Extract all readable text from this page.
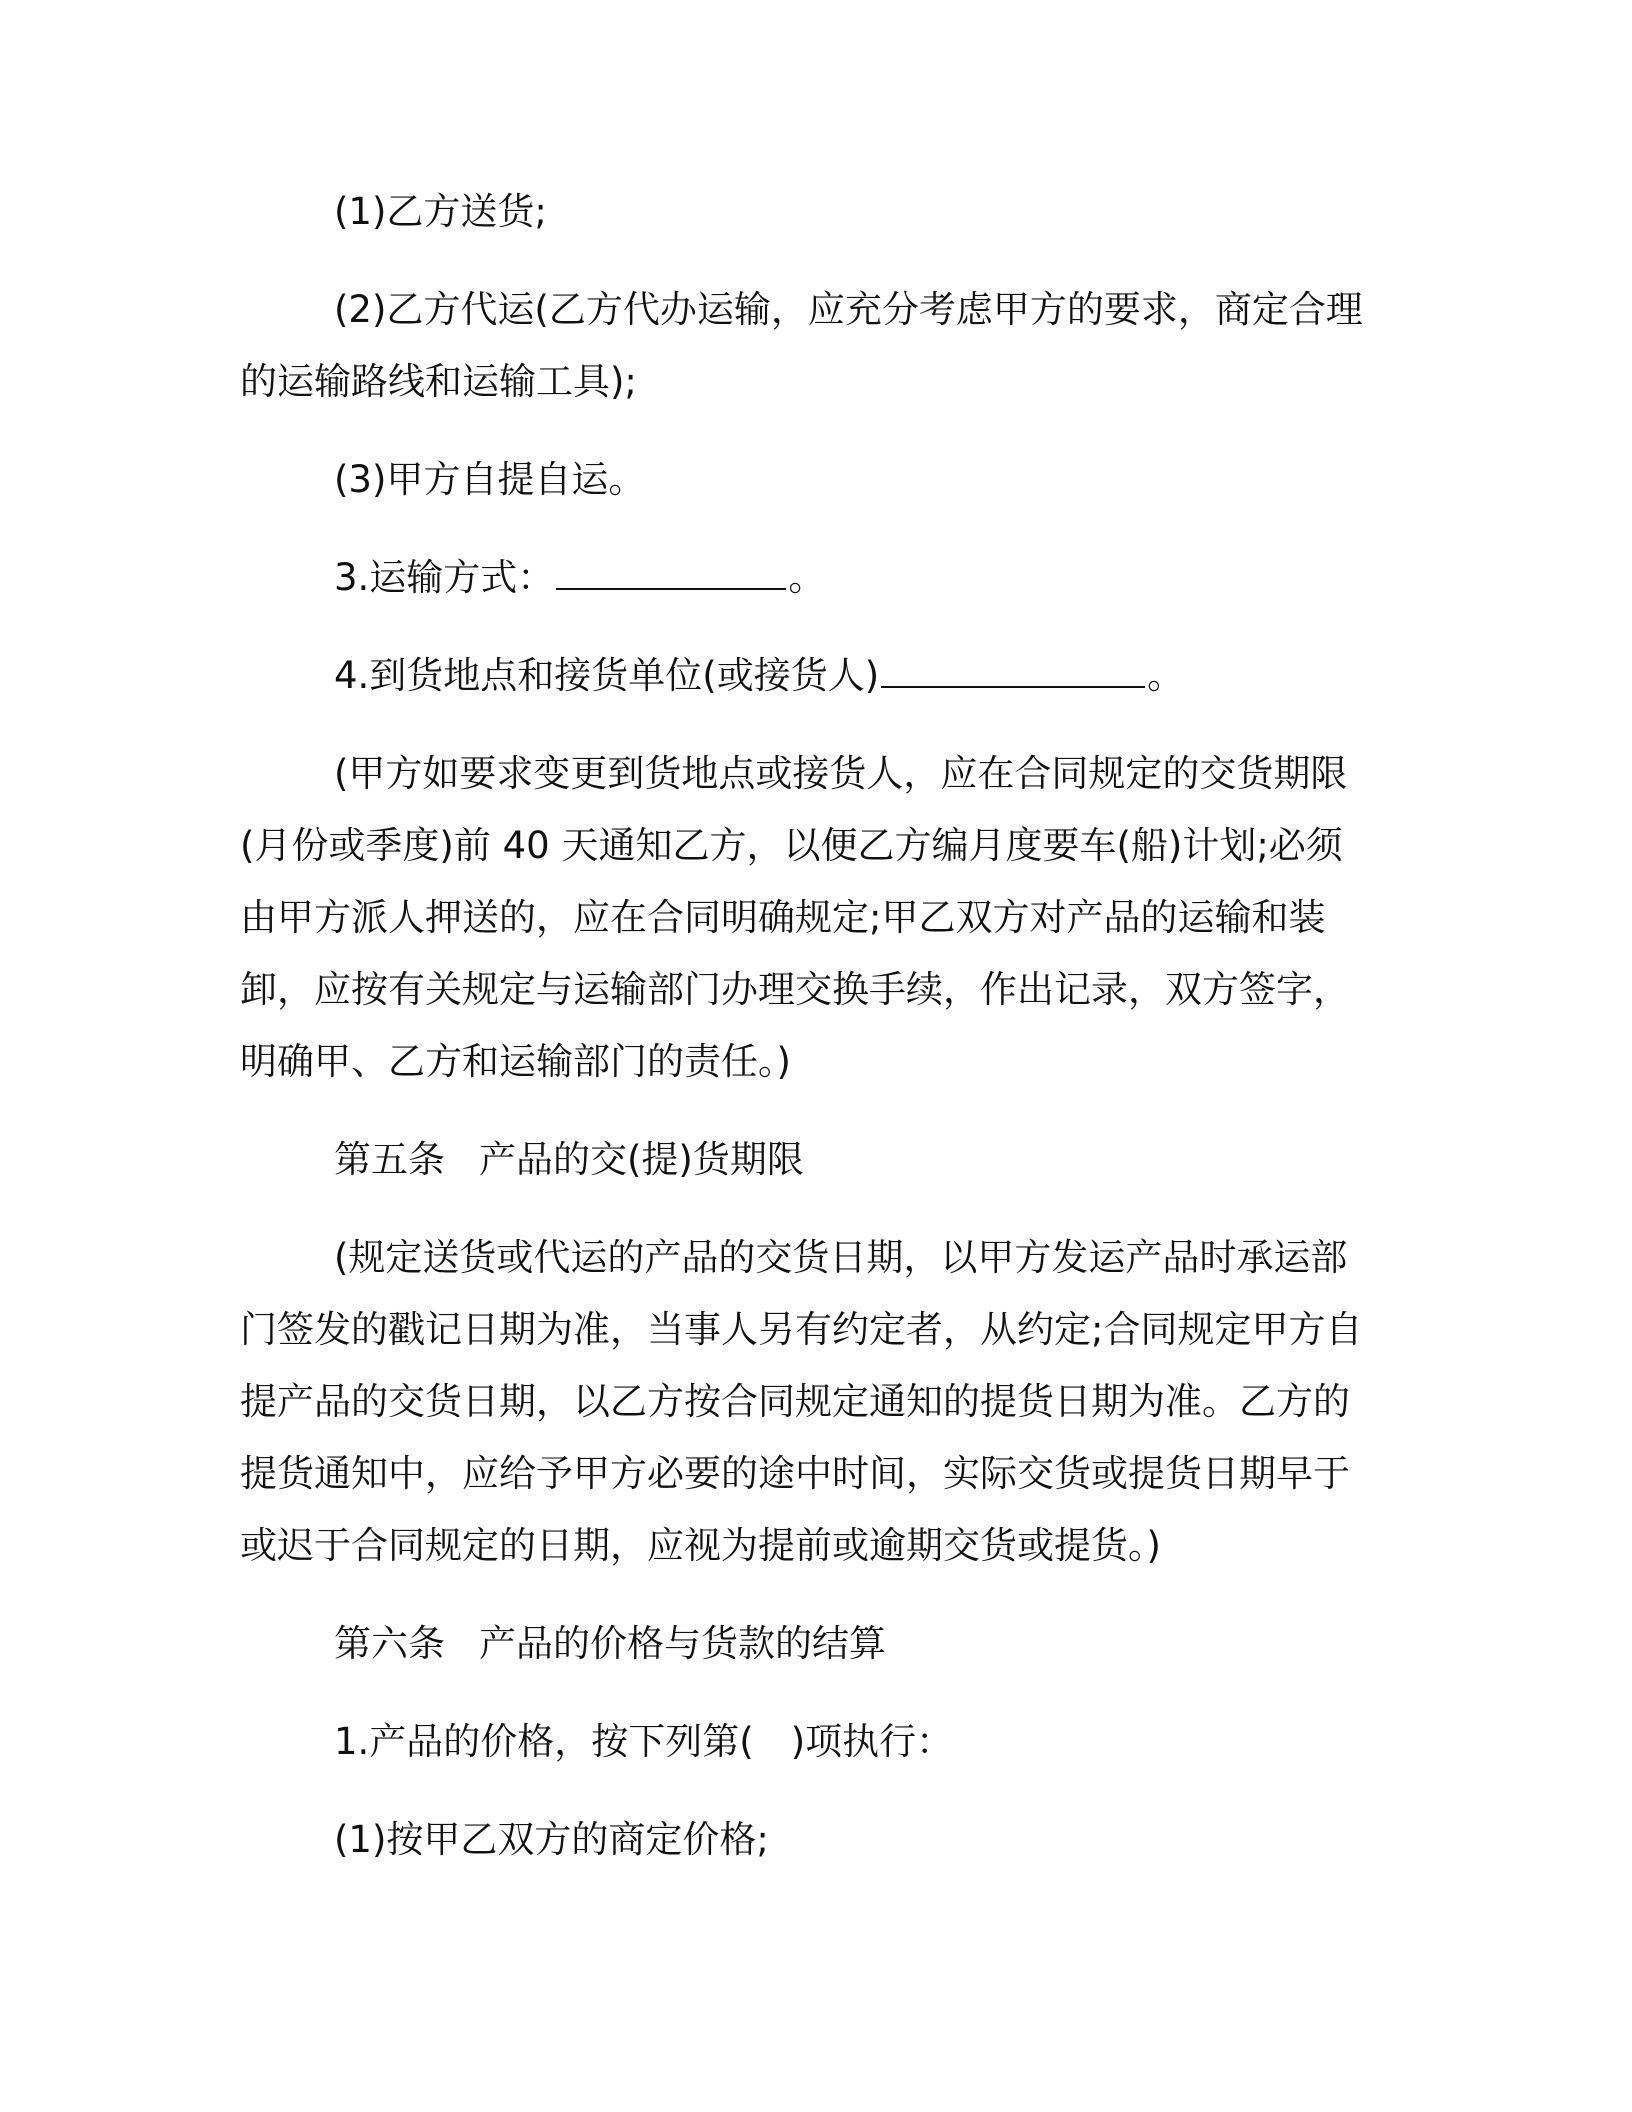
(1)乙方送货;

(2)乙方代运(乙方代办运输，应充分考虑甲方的要求，商定合理的运输路线和运输工具);

(3)甲方自提自运。

3.运输方式：	。

4.到货地点和接货单位(或接货人)	。

(甲方如要求变更到货地点或接货人，应在合同规定的交货期限(月份或季度)前 40 天通知乙方，以便乙方编月度要车(船)计划;必须由甲方派人押送的，应在合同明确规定;甲乙双方对产品的运输和装卸，应按有关规定与运输部门办理交换手续，作出记录，双方签字，明确甲、乙方和运输部门的责任。)

第五条 产品的交(提)货期限

(规定送货或代运的产品的交货日期，以甲方发运产品时承运部门签发的戳记日期为准，当事人另有约定者，从约定;合同规定甲方自提产品的交货日期，以乙方按合同规定通知的提货日期为准。乙方的提货通知中，应给予甲方必要的途中时间，实际交货或提货日期早于或迟于合同规定的日期，应视为提前或逾期交货或提货。)

第六条 产品的价格与货款的结算

1.产品的价格，按下列第(　)项执行：

(1)按甲乙双方的商定价格;
